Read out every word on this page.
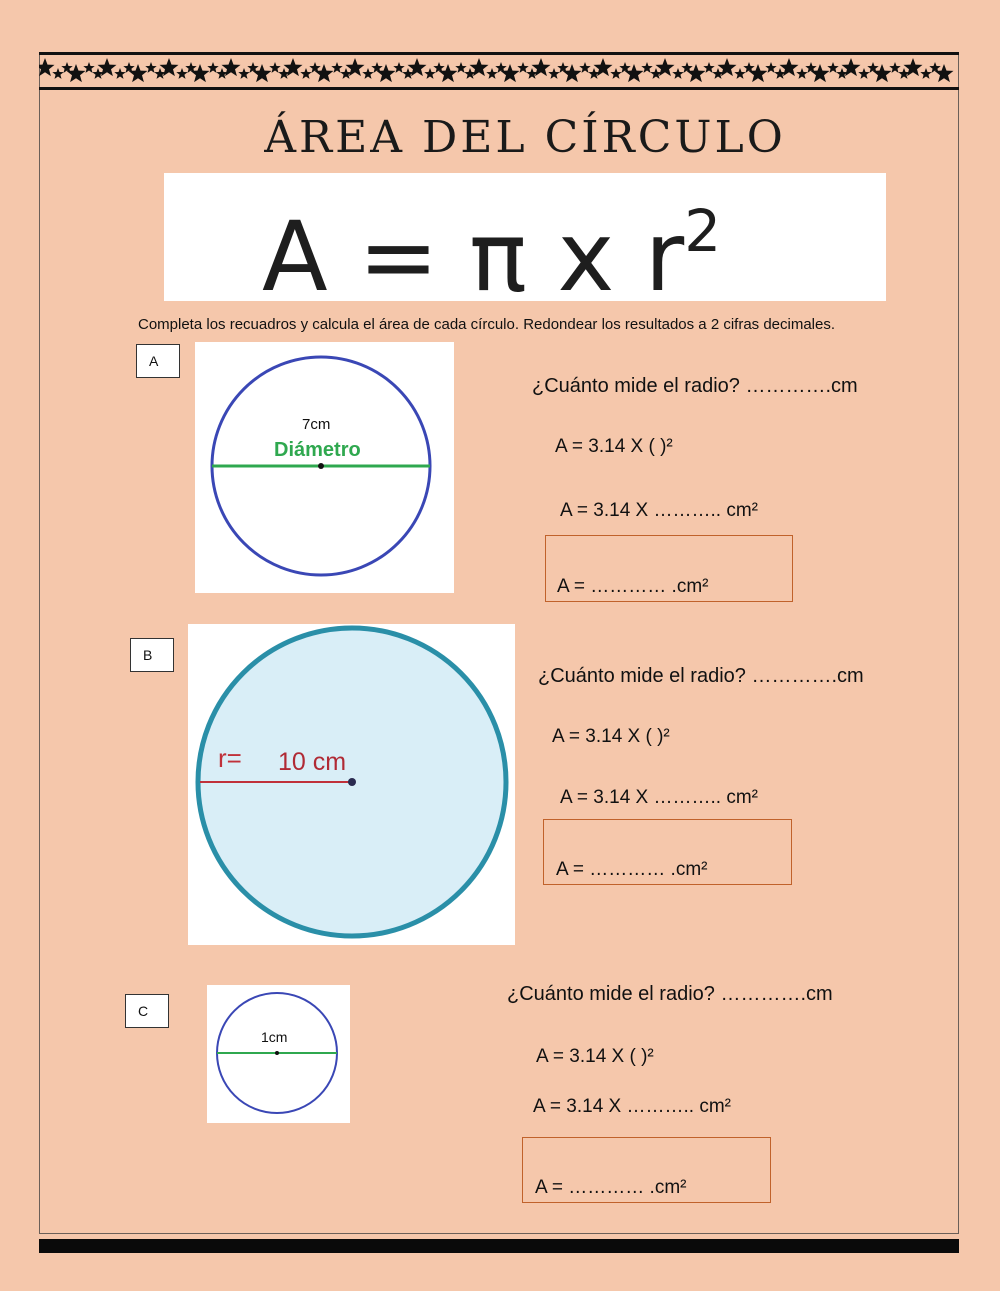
ÁREA DEL CÍRCULO
A = π x $r^2$
Completa los recuadros y calcula el área de cada círculo. Redondear los resultados a 2 cifras decimales.
A
7cm
Diámetro
¿Cuánto mide el radio? ………….cm
A = 3.14 X ( )²
A = 3.14 X ……….. cm²
A = ………… .cm²
B
r= 10 cm
¿Cuánto mide el radio? ………….cm
A = 3.14 X ( )²
A = 3.14 X ……….. cm²
A = ………… .cm²
C
1cm
¿Cuánto mide el radio? ………….cm
A = 3.14 X ( )²
A = 3.14 X ……….. cm²
A = ………… .cm²
